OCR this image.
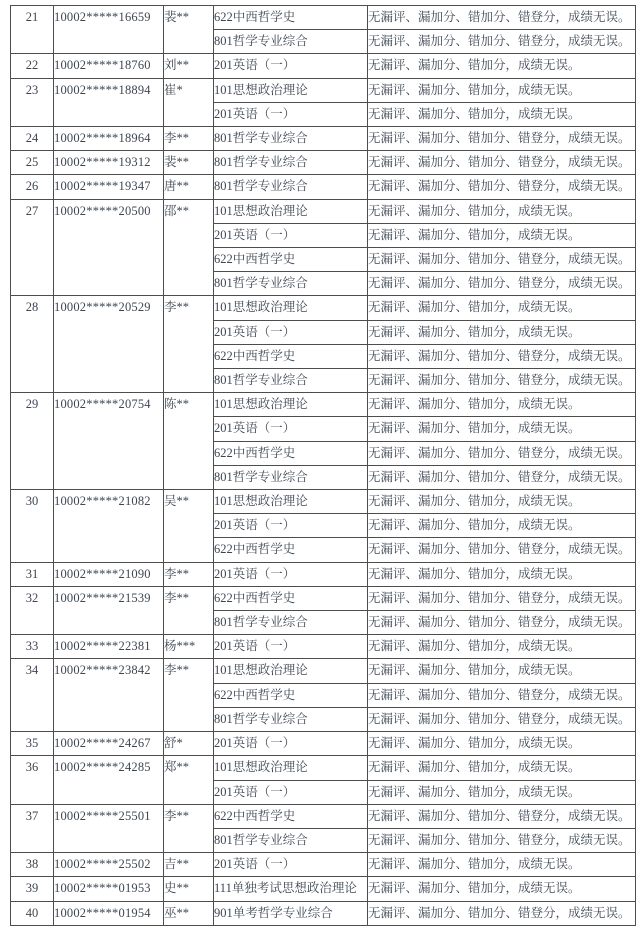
21	10002*****16659	裴**	622中西哲学史	无漏评、漏加分、错加分、错登分，成绩无误。
			801哲学专业综合	无漏评、漏加分、错加分、错登分，成绩无误。
22	10002*****18760	刘**	201英语（一）	无漏评、漏加分、错加分，成绩无误。
23	10002*****18894	崔*	101思想政治理论	无漏评、漏加分、错加分，成绩无误。
			201英语（一）	无漏评、漏加分、错加分，成绩无误。
24	10002*****18964	李**	801哲学专业综合	无漏评、漏加分、错加分、错登分，成绩无误。
25	10002*****19312	裴**	801哲学专业综合	无漏评、漏加分、错加分、错登分，成绩无误。
26	10002*****19347	唐**	801哲学专业综合	无漏评、漏加分、错加分、错登分，成绩无误。
27	10002*****20500	邵**	101思想政治理论	无漏评、漏加分、错加分，成绩无误。
			201英语（一）	无漏评、漏加分、错加分，成绩无误。
			622中西哲学史	无漏评、漏加分、错加分、错登分，成绩无误。
			801哲学专业综合	无漏评、漏加分、错加分、错登分，成绩无误。
28	10002*****20529	李**	101思想政治理论	无漏评、漏加分、错加分，成绩无误。
			201英语（一）	无漏评、漏加分、错加分，成绩无误。
			622中西哲学史	无漏评、漏加分、错加分、错登分，成绩无误。
			801哲学专业综合	无漏评、漏加分、错加分、错登分，成绩无误。
29	10002*****20754	陈**	101思想政治理论	无漏评、漏加分、错加分，成绩无误。
			201英语（一）	无漏评、漏加分、错加分，成绩无误。
			622中西哲学史	无漏评、漏加分、错加分、错登分，成绩无误。
			801哲学专业综合	无漏评、漏加分、错加分、错登分，成绩无误。
30	10002*****21082	吴**	101思想政治理论	无漏评、漏加分、错加分，成绩无误。
			201英语（一）	无漏评、漏加分、错加分，成绩无误。
			622中西哲学史	无漏评、漏加分、错加分、错登分，成绩无误。
31	10002*****21090	李**	201英语（一）	无漏评、漏加分、错加分，成绩无误。
32	10002*****21539	李**	622中西哲学史	无漏评、漏加分、错加分、错登分，成绩无误。
			801哲学专业综合	无漏评、漏加分、错加分、错登分，成绩无误。
33	10002*****22381	杨***	201英语（一）	无漏评、漏加分、错加分，成绩无误。
34	10002*****23842	李**	101思想政治理论	无漏评、漏加分、错加分，成绩无误。
			622中西哲学史	无漏评、漏加分、错加分、错登分，成绩无误。
			801哲学专业综合	无漏评、漏加分、错加分、错登分，成绩无误。
35	10002*****24267	舒*	201英语（一）	无漏评、漏加分、错加分，成绩无误。
36	10002*****24285	郑**	101思想政治理论	无漏评、漏加分、错加分，成绩无误。
			201英语（一）	无漏评、漏加分、错加分，成绩无误。
37	10002*****25501	李**	622中西哲学史	无漏评、漏加分、错加分、错登分，成绩无误。
			801哲学专业综合	无漏评、漏加分、错加分、错登分，成绩无误。
38	10002*****25502	吉**	201英语（一）	无漏评、漏加分、错加分，成绩无误。
39	10002*****01953	史**	111单独考试思想政治理论	无漏评、漏加分、错加分，成绩无误。
40	10002*****01954	巫**	901单考哲学专业综合	无漏评、漏加分、错加分、错登分，成绩无误。
